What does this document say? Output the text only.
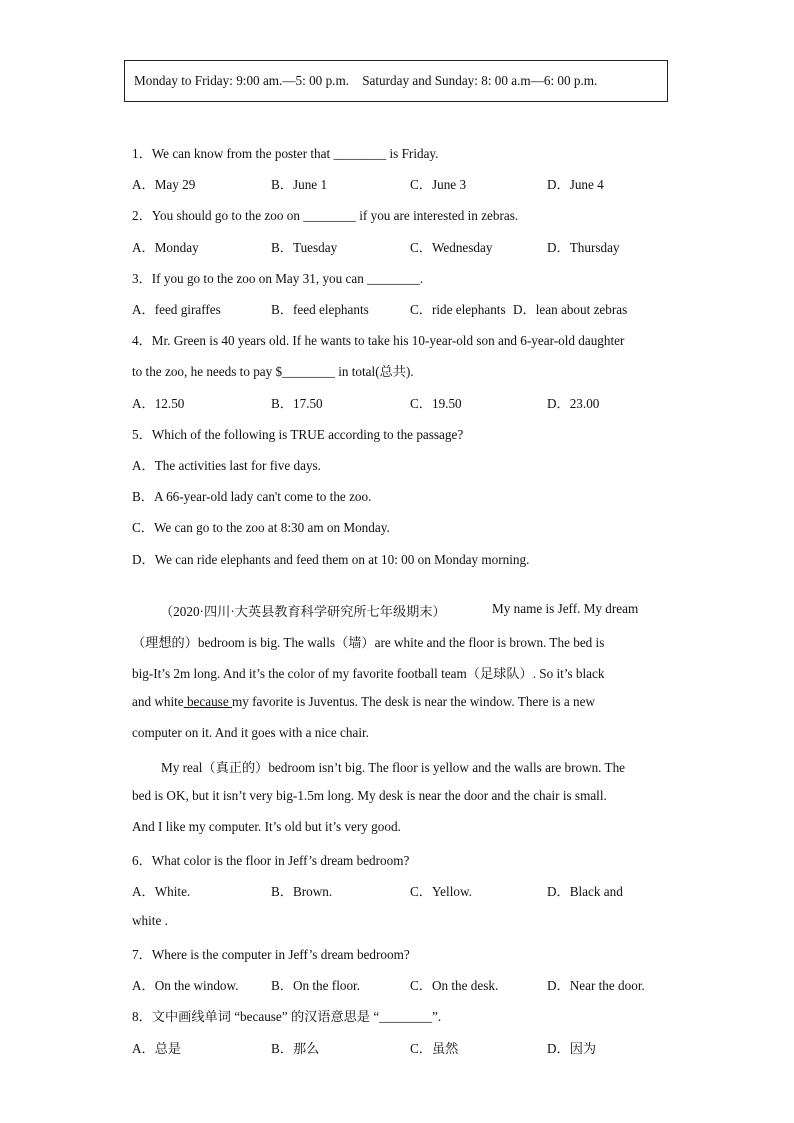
Monday to Friday: 9:00 am.—5: 00 p.m.    Saturday and Sunday: 8: 00 a.m—6: 00 p.m.
1．We can know from the poster that ________ is Friday.
A．May 29	B．June 1	C．June 3	D．June 4
2．You should go to the zoo on ________ if you are interested in zebras.
A．Monday	B．Tuesday	C．Wednesday	D．Thursday
3．If you go to the zoo on May 31, you can ________.
A．feed giraffes	B．feed elephants	C．ride elephants D．lean about zebras
4．Mr. Green is 40 years old. If he wants to take his 10-year-old son and 6-year-old daughter
to the zoo, he needs to pay $________ in total(总共).
A．12.50	B．17.50	C．19.50	D．23.00
5．Which of the following is TRUE according to the passage?
A．The activities last for five days.
B．A 66-year-old lady can't come to the zoo.
C．We can go to the zoo at 8:30 am on Monday.
D．We can ride elephants and feed them on at 10: 00 on Monday morning.
（2020·四川·大英县教育科学研究所七年级期末）	My name is Jeff. My dream
（理想的）bedroom is big. The walls（墙）are white and the floor is brown. The bed is
big-It’s 2m long. And it’s the color of my favorite football team（足球队）. So it’s black
and white because my favorite is Juventus. The desk is near the window. There is a new
computer on it. And it goes with a nice chair.
My real（真正的）bedroom isn’t big. The floor is yellow and the walls are brown. The
bed is OK, but it isn’t very big-1.5m long. My desk is near the door and the chair is small.
And I like my computer. It’s old but it’s very good.
6．What color is the floor in Jeff’s dream bedroom?
A．White.	B．Brown.	C．Yellow.	D．Black and
white .
7．Where is the computer in Jeff’s dream bedroom?
A．On the window. B．On the floor.	C．On the desk.	D．Near the door.
8．文中画线单词 “because” 的汉语意思是 “________”.
A．总是	B．那么	C．虽然	D．因为
